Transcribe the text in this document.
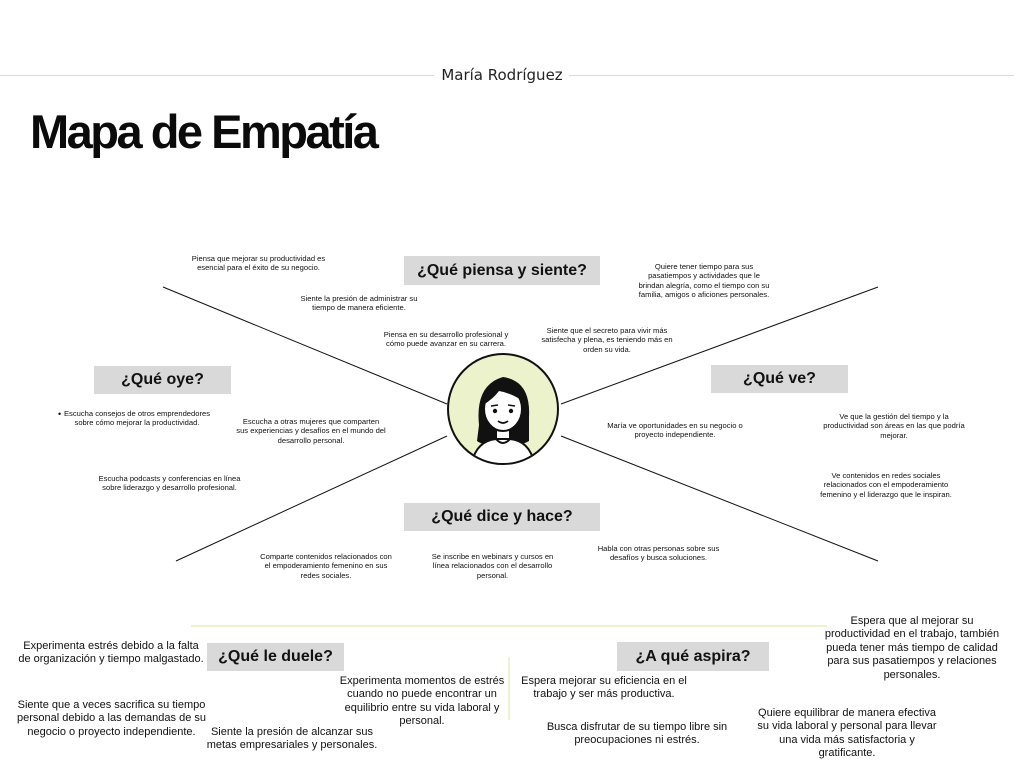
María Rodríguez
Mapa de Empatía
¿Qué piensa y siente?
¿Qué oye?	¿Qué ve?
¿Qué dice y hace?
¿Qué le duele?	¿A qué aspira?
Piensa que mejorar su productividad es esencial para el éxito de su negocio.
Siente la presión de administrar su tiempo de manera eficiente.
Piensa en su desarrollo profesional y cómo puede avanzar en su carrera.
Siente que el secreto para vivir más satisfecha y plena, es teniendo más en orden su vida.
Quiere tener tiempo para sus pasatiempos y actividades que le brindan alegría, como el tiempo con su familia, amigos o aficiones personales.
• Escucha consejos de otros emprendedores sobre cómo mejorar la productividad.	Escucha a otras mujeres que comparten sus experiencias y desafíos en el mundo del desarrollo personal.
Escucha podcasts y conferencias en línea sobre liderazgo y desarrollo profesional.
María ve oportunidades en su negocio o proyecto independiente.
Ve que la gestión del tiempo y la productividad son áreas en las que podría mejorar.
Ve contenidos en redes sociales relacionados con el empoderamiento femenino y el liderazgo que le inspiran.
Comparte contenidos relacionados con el empoderamiento femenino en sus redes sociales.
Se inscribe en webinars y cursos en línea relacionados con el desarrollo personal.
Habla con otras personas sobre sus desafíos y busca soluciones.
Experimenta estrés debido a la falta de organización y tiempo malgastado.
Siente que a veces sacrifica su tiempo personal debido a las demandas de su negocio o proyecto independiente.	Siente la presión de alcanzar sus metas empresariales y personales.
Experimenta momentos de estrés cuando no puede encontrar un equilibrio entre su vida laboral y personal.
Espera mejorar su eficiencia en el trabajo y ser más productiva.
Busca disfrutar de su tiempo libre sin preocupaciones ni estrés.
Quiere equilibrar de manera efectiva su vida laboral y personal para llevar una vida más satisfactoria y gratificante.
Espera que al mejorar su productividad en el trabajo, también pueda tener más tiempo de calidad para sus pasatiempos y relaciones personales.
